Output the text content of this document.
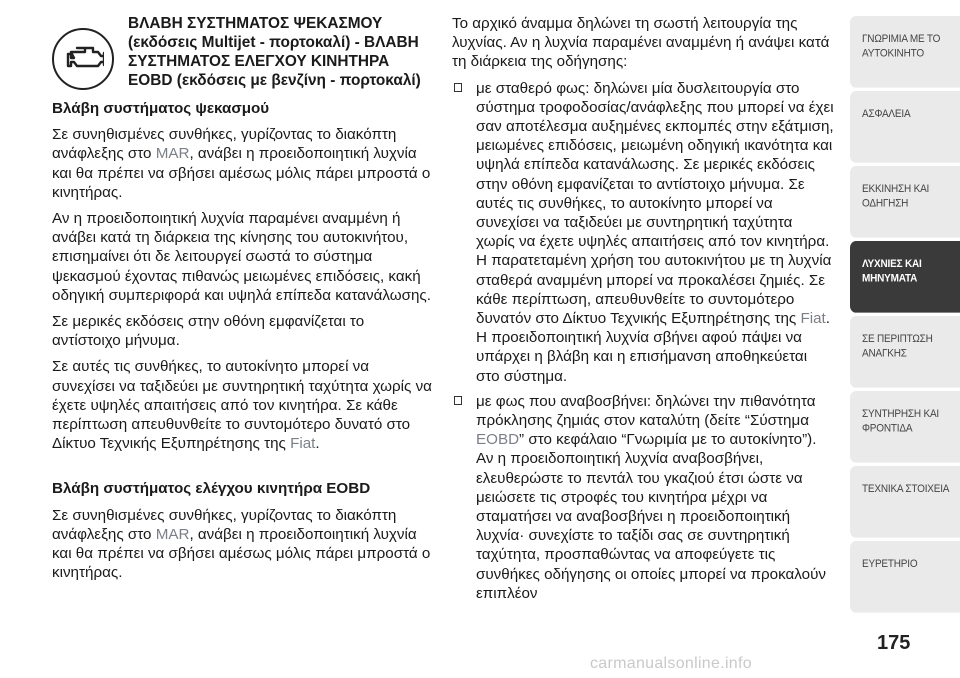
ΒΛΑΒΗ ΣΥΣΤΗΜΑΤΟΣ ΨΕΚΑΣΜΟΥ (εκδόσεις Multijet - πορτοκαλί) - ΒΛΑΒΗ ΣΥΣΤΗΜΑΤΟΣ ΕΛΕΓΧΟΥ ΚΙΝΗΤΗΡΑ EOBD (εκδόσεις με βενζίνη - πορτοκαλί)
Βλάβη συστήματος ψεκασμού

Σε συνηθισμένες συνθήκες, γυρίζοντας το διακόπτη ανάφλεξης στο MAR, ανάβει η προειδοποιητική λυχνία και θα πρέπει να σβήσει αμέσως μόλις πάρει μπροστά ο κινητήρας.

Αν η προειδοποιητική λυχνία παραμένει αναμμένη ή ανάβει κατά τη διάρκεια της κίνησης του αυτοκινήτου, επισημαίνει ότι δε λειτουργεί σωστά το σύστημα ψεκασμού έχοντας πιθανώς μειωμένες επιδόσεις, κακή οδηγική συμπεριφορά και υψηλά επίπεδα κατανάλωσης.

Σε μερικές εκδόσεις στην οθόνη εμφανίζεται το αντίστοιχο μήνυμα.

Σε αυτές τις συνθήκες, το αυτοκίνητο μπορεί να συνεχίσει να ταξιδεύει με συντηρητική ταχύτητα χωρίς να έχετε υψηλές απαιτήσεις από τον κινητήρα. Σε κάθε περίπτωση απευθυνθείτε το συντομότερο δυνατό στο Δίκτυο Τεχνικής Εξυπηρέτησης της Fiat.

Βλάβη συστήματος ελέγχου κινητήρα EOBD

Σε συνηθισμένες συνθήκες, γυρίζοντας το διακόπτη ανάφλεξης στο MAR, ανάβει η προειδοποιητική λυχνία και θα πρέπει να σβήσει αμέσως μόλις πάρει μπροστά ο κινητήρας.

Το αρχικό άναμμα δηλώνει τη σωστή λειτουργία της λυχνίας. Αν η λυχνία παραμένει αναμμένη ή ανάψει κατά τη διάρκεια της οδήγησης:

με σταθερό φως: δηλώνει μία δυσλειτουργία στο σύστημα τροφοδοσίας/ανάφλεξης που μπορεί να έχει σαν αποτέλεσμα αυξημένες εκπομπές στην εξάτμιση, μειωμένες επιδόσεις, μειωμένη οδηγική ικανότητα και υψηλά επίπεδα κατανάλωσης. Σε μερικές εκδόσεις στην οθόνη εμφανίζεται το αντίστοιχο μήνυμα. Σε αυτές τις συνθήκες, το αυτοκίνητο μπορεί να συνεχίσει να ταξιδεύει με συντηρητική ταχύτητα χωρίς να έχετε υψηλές απαιτήσεις από τον κινητήρα. Η παρατεταμένη χρήση του αυτοκινήτου με τη λυχνία σταθερά αναμμένη μπορεί να προκαλέσει ζημιές. Σε κάθε περίπτωση, απευθυνθείτε το συντομότερο δυνατόν στο Δίκτυο Τεχνικής Εξυπηρέτησης της Fiat. Η προειδοποιητική λυχνία σβήνει αφού πάψει να υπάρχει η βλάβη και η επισήμανση αποθηκεύεται στο σύστημα.
με φως που αναβοσβήνει: δηλώνει την πιθανότητα πρόκλησης ζημιάς στον καταλύτη (δείτε “Σύστημα EOBD” στο κεφάλαιο “Γνωριμία με το αυτοκίνητο”). Αν η προειδοποιητική λυχνία αναβοσβήνει, ελευθερώστε το πεντάλ του γκαζιού έτσι ώστε να μειώσετε τις στροφές του κινητήρα μέχρι να σταματήσει να αναβοσβήνει η προειδοποιητική λυχνία· συνεχίστε το ταξίδι σας σε συντηρητική ταχύτητα, προσπαθώντας να αποφεύγετε τις συνθήκες οδήγησης οι οποίες μπορεί να προκαλούν επιπλέον
ΓΝΩΡΙΜΙΑ ΜΕ ΤΟ
ΑΥΤΟΚΙΝΗΤΟ
ΑΣΦΑΛΕΙΑ
ΕΚΚΙΝΗΣΗ ΚΑΙ
ΟΔΗΓΗΣΗ
ΛΥΧΝΙΕΣ ΚΑΙ
ΜΗΝΥΜΑΤΑ
ΣΕ ΠΕΡΙΠΤΩΣΗ
ΑΝΑΓΚΗΣ
ΣΥΝΤΗΡΗΣΗ ΚΑΙ
ΦΡΟΝΤΙΔΑ
ΤΕΧΝΙΚΑ ΣΤΟΙΧΕΙΑ
ΕΥΡΕΤΗΡΙΟ
175
carmanualsonline.info
